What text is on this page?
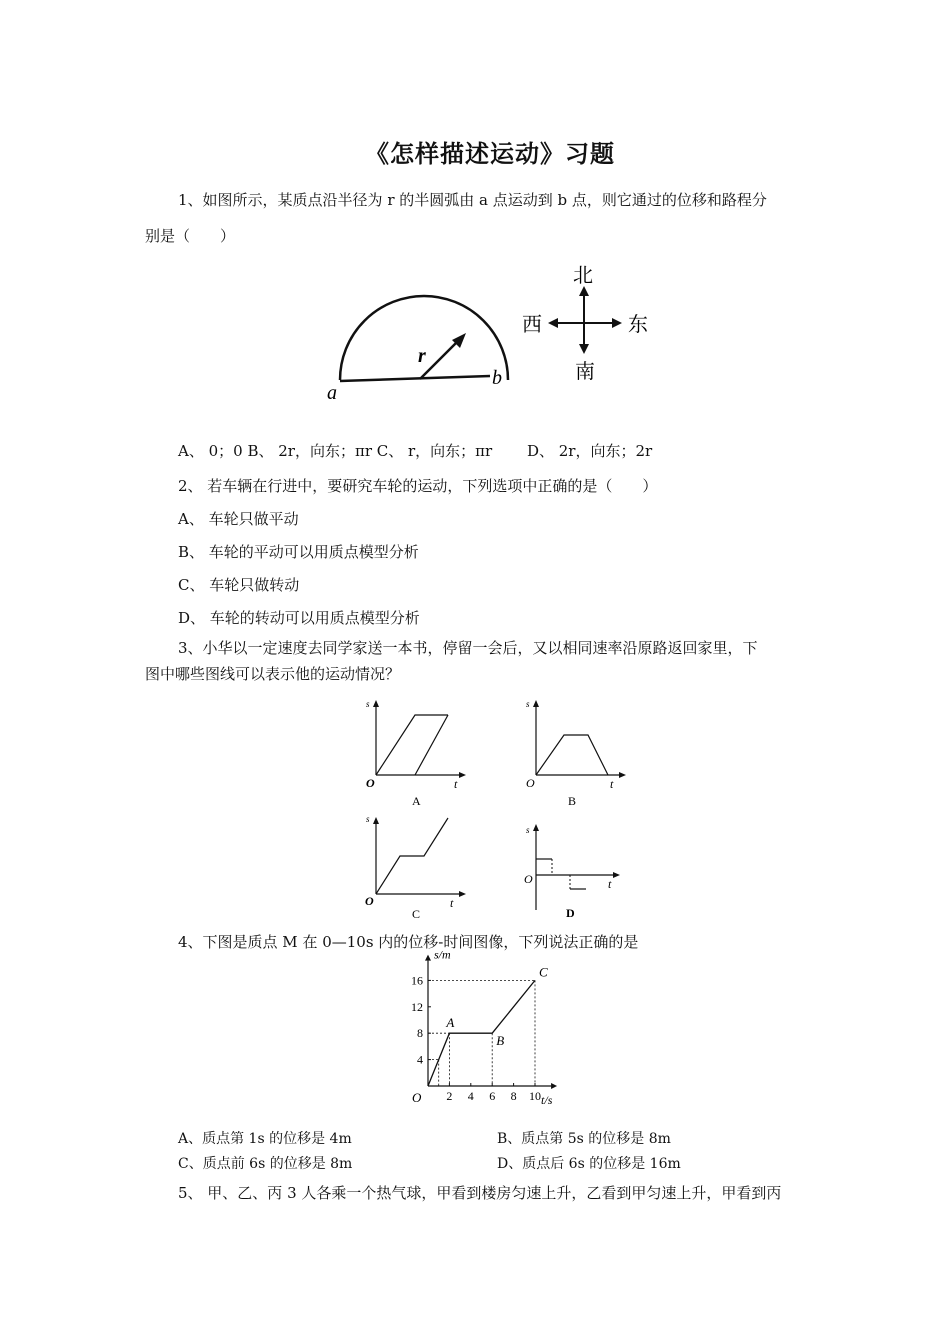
《怎样描述运动》习题
1、如图所示，某质点沿半径为 r 的半圆弧由 a 点运动到 b 点，则它通过的位移和路程分
别是（　　）
a
b
r
北
南
西	东
A、 0；0 B、 2r，向东；πr C、 r，向东；πr 　　D、 2r，向东；2r
2、 若车辆在行进中，要研究车轮的运动，下列选项中正确的是（　　）
A、 车轮只做平动
B、 车轮的平动可以用质点模型分析
C、 车轮只做转动
D、 车轮的转动可以用质点模型分析
3、小华以一定速度去同学家送一本书，停留一会后，又以相同速率沿原路返回家里，下
图中哪些图线可以表示他的运动情况？
s
O	t
A
s
O	t
B
s
O	t
C
s
O	t
D
4、下图是质点 M 在 0—10s 内的位移-时间图像，下列说法正确的是
2 4 6 8 10
4
8
12
16
s/m
t/s
O
A
B
C
A、质点第 1s 的位移是 4m	B、质点第 5s 的位移是 8m
C、质点前 6s 的位移是 8m	D、质点后 6s 的位移是 16m
5、 甲、乙、丙 3 人各乘一个热气球，甲看到楼房匀速上升，乙看到甲匀速上升，甲看到丙
